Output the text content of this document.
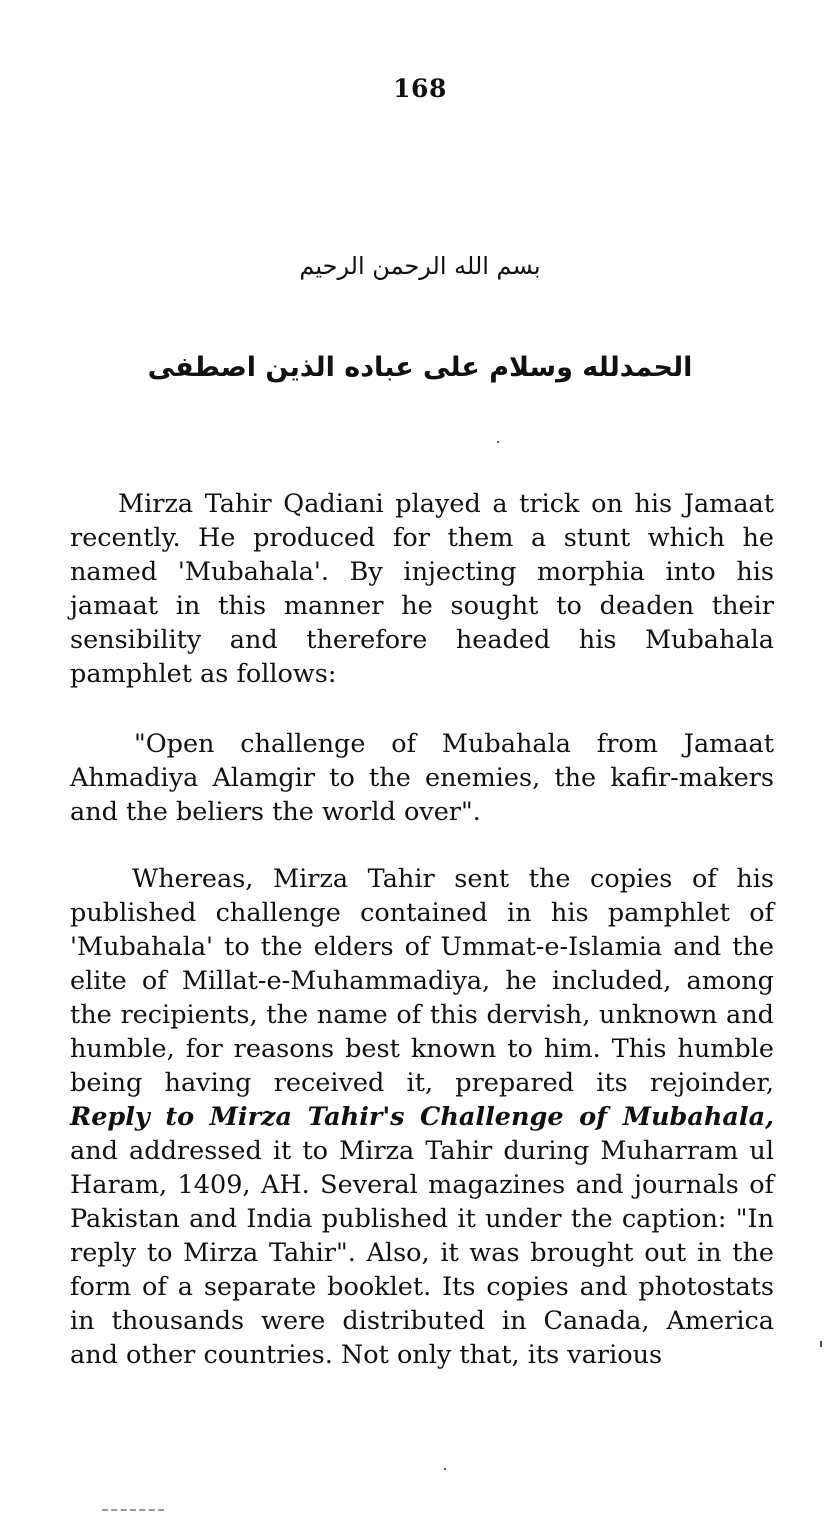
168
بسم الله الرحمن الرحيم
الحمدلله وسلام على عباده الذين اصطفى

Mirza Tahir Qadiani played a trick on his Jamaat recently. He produced for them a stunt which he named 'Mubahala'. By injecting morphia into his jamaat in this manner he sought to deaden their sensibility and therefore headed his Mubahala pamphlet as follows:

"Open challenge of Mubahala from Jamaat Ahmadiya Alamgir to the enemies, the kafir-makers and the beliers the world over".

Whereas, Mirza Tahir sent the copies of his published challenge contained in his pamphlet of 'Mubahala' to the elders of Ummat-e-Islamia and the elite of Millat-e-Muhammadiya, he included, among the recipients, the name of this dervish, unknown and humble, for reasons best known to him. This humble being having received it, prepared its rejoinder, Reply to Mirza Tahir's Challenge of Mubahala, and addressed it to Mirza Tahir during Muharram ul Haram, 1409, AH. Several magazines and journals of Pakistan and India published it under the caption: "In reply to Mirza Tahir". Also, it was brought out in the form of a separate booklet. Its copies and photostats in thousands were distributed in Canada, America and other countries. Not only that, its various
